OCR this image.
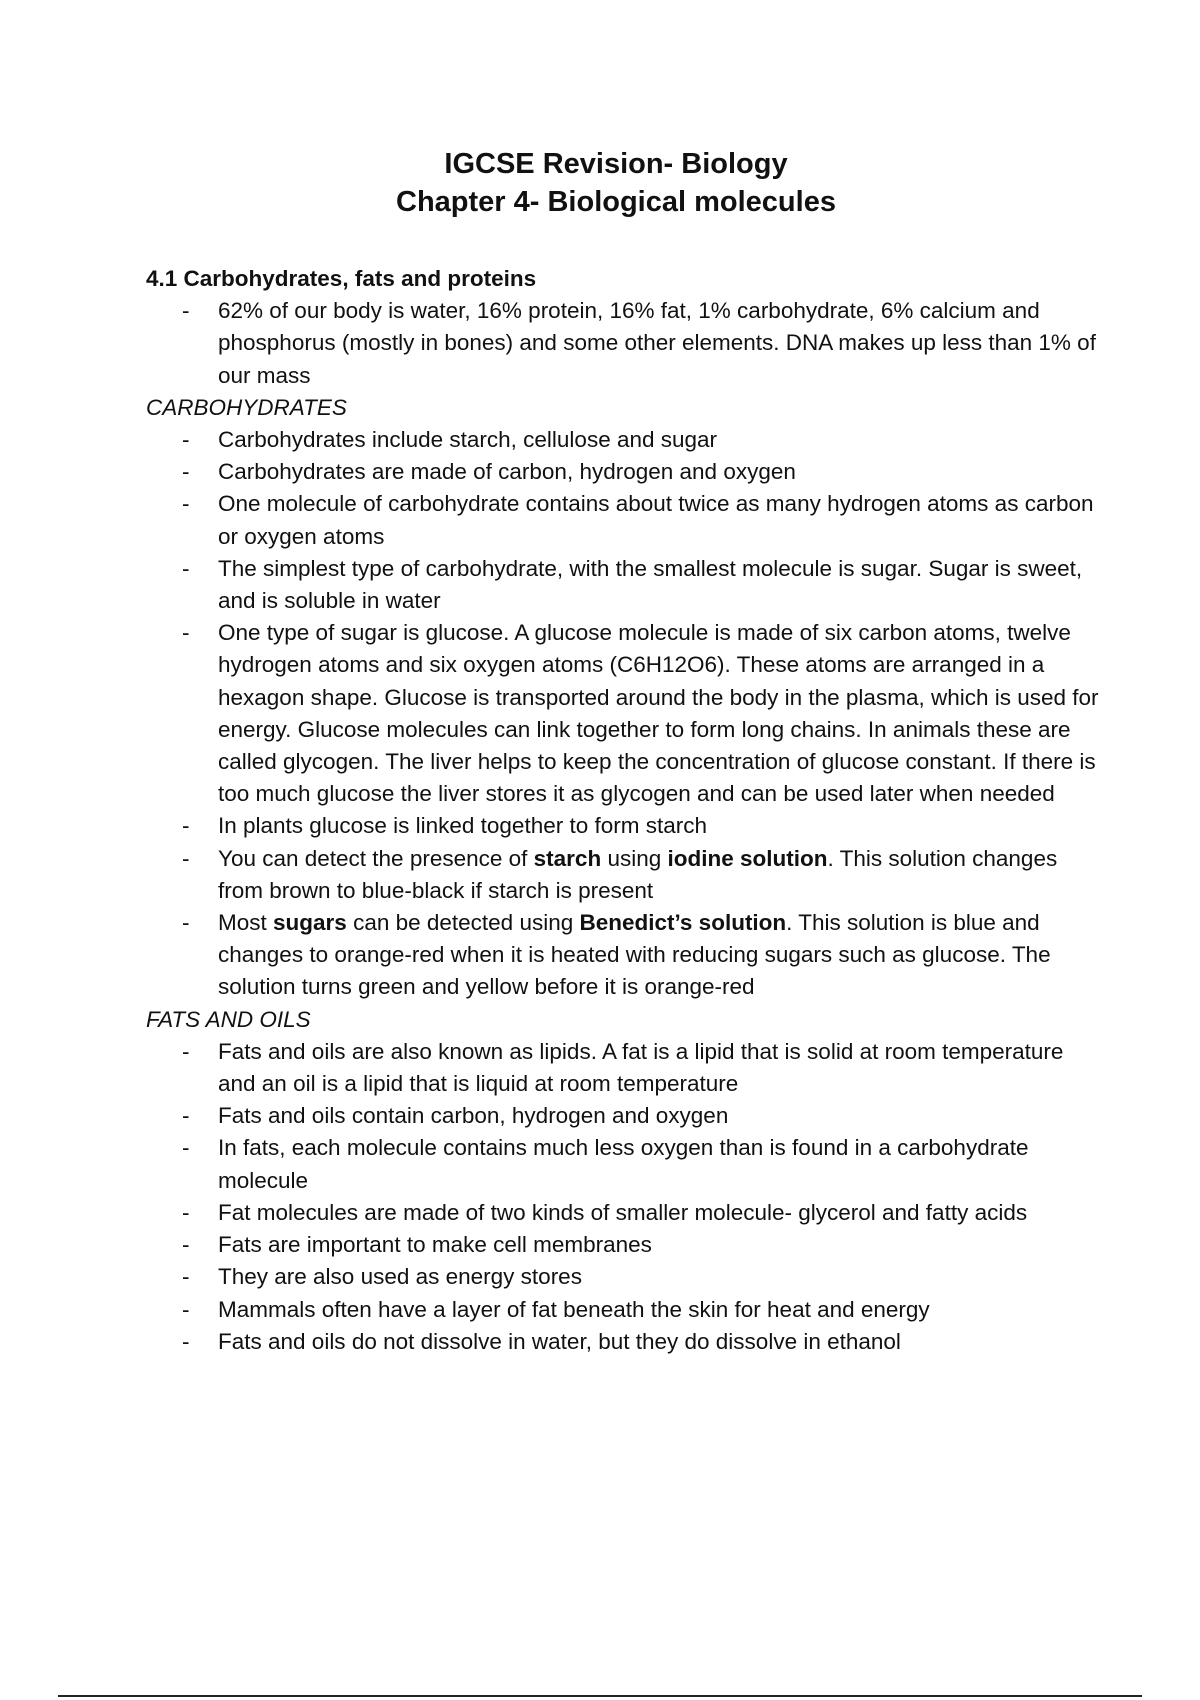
IGCSE Revision- Biology

Chapter 4- Biological molecules

4.1 Carbohydrates, fats and proteins

- 62% of our body is water, 16% protein, 16% fat, 1% carbohydrate, 6% calcium and phosphorus (mostly in bones) and some other elements. DNA makes up less than 1% of our mass

CARBOHYDRATES

- Carbohydrates include starch, cellulose and sugar
- Carbohydrates are made of carbon, hydrogen and oxygen
- One molecule of carbohydrate contains about twice as many hydrogen atoms as carbon or oxygen atoms
- The simplest type of carbohydrate, with the smallest molecule is sugar. Sugar is sweet, and is soluble in water
- One type of sugar is glucose. A glucose molecule is made of six carbon atoms, twelve hydrogen atoms and six oxygen atoms (C6H12O6). These atoms are arranged in a hexagon shape. Glucose is transported around the body in the plasma, which is used for energy. Glucose molecules can link together to form long chains. In animals these are called glycogen. The liver helps to keep the concentration of glucose constant. If there is too much glucose the liver stores it as glycogen and can be used later when needed
- In plants glucose is linked together to form starch
- You can detect the presence of starch using iodine solution. This solution changes from brown to blue-black if starch is present
- Most sugars can be detected using Benedict’s solution. This solution is blue and changes to orange-red when it is heated with reducing sugars such as glucose. The solution turns green and yellow before it is orange-red

FATS AND OILS

- Fats and oils are also known as lipids. A fat is a lipid that is solid at room temperature and an oil is a lipid that is liquid at room temperature
- Fats and oils contain carbon, hydrogen and oxygen
- In fats, each molecule contains much less oxygen than is found in a carbohydrate molecule
- Fat molecules are made of two kinds of smaller molecule- glycerol and fatty acids
- Fats are important to make cell membranes
- They are also used as energy stores
- Mammals often have a layer of fat beneath the skin for heat and energy
- Fats and oils do not dissolve in water, but they do dissolve in ethanol
